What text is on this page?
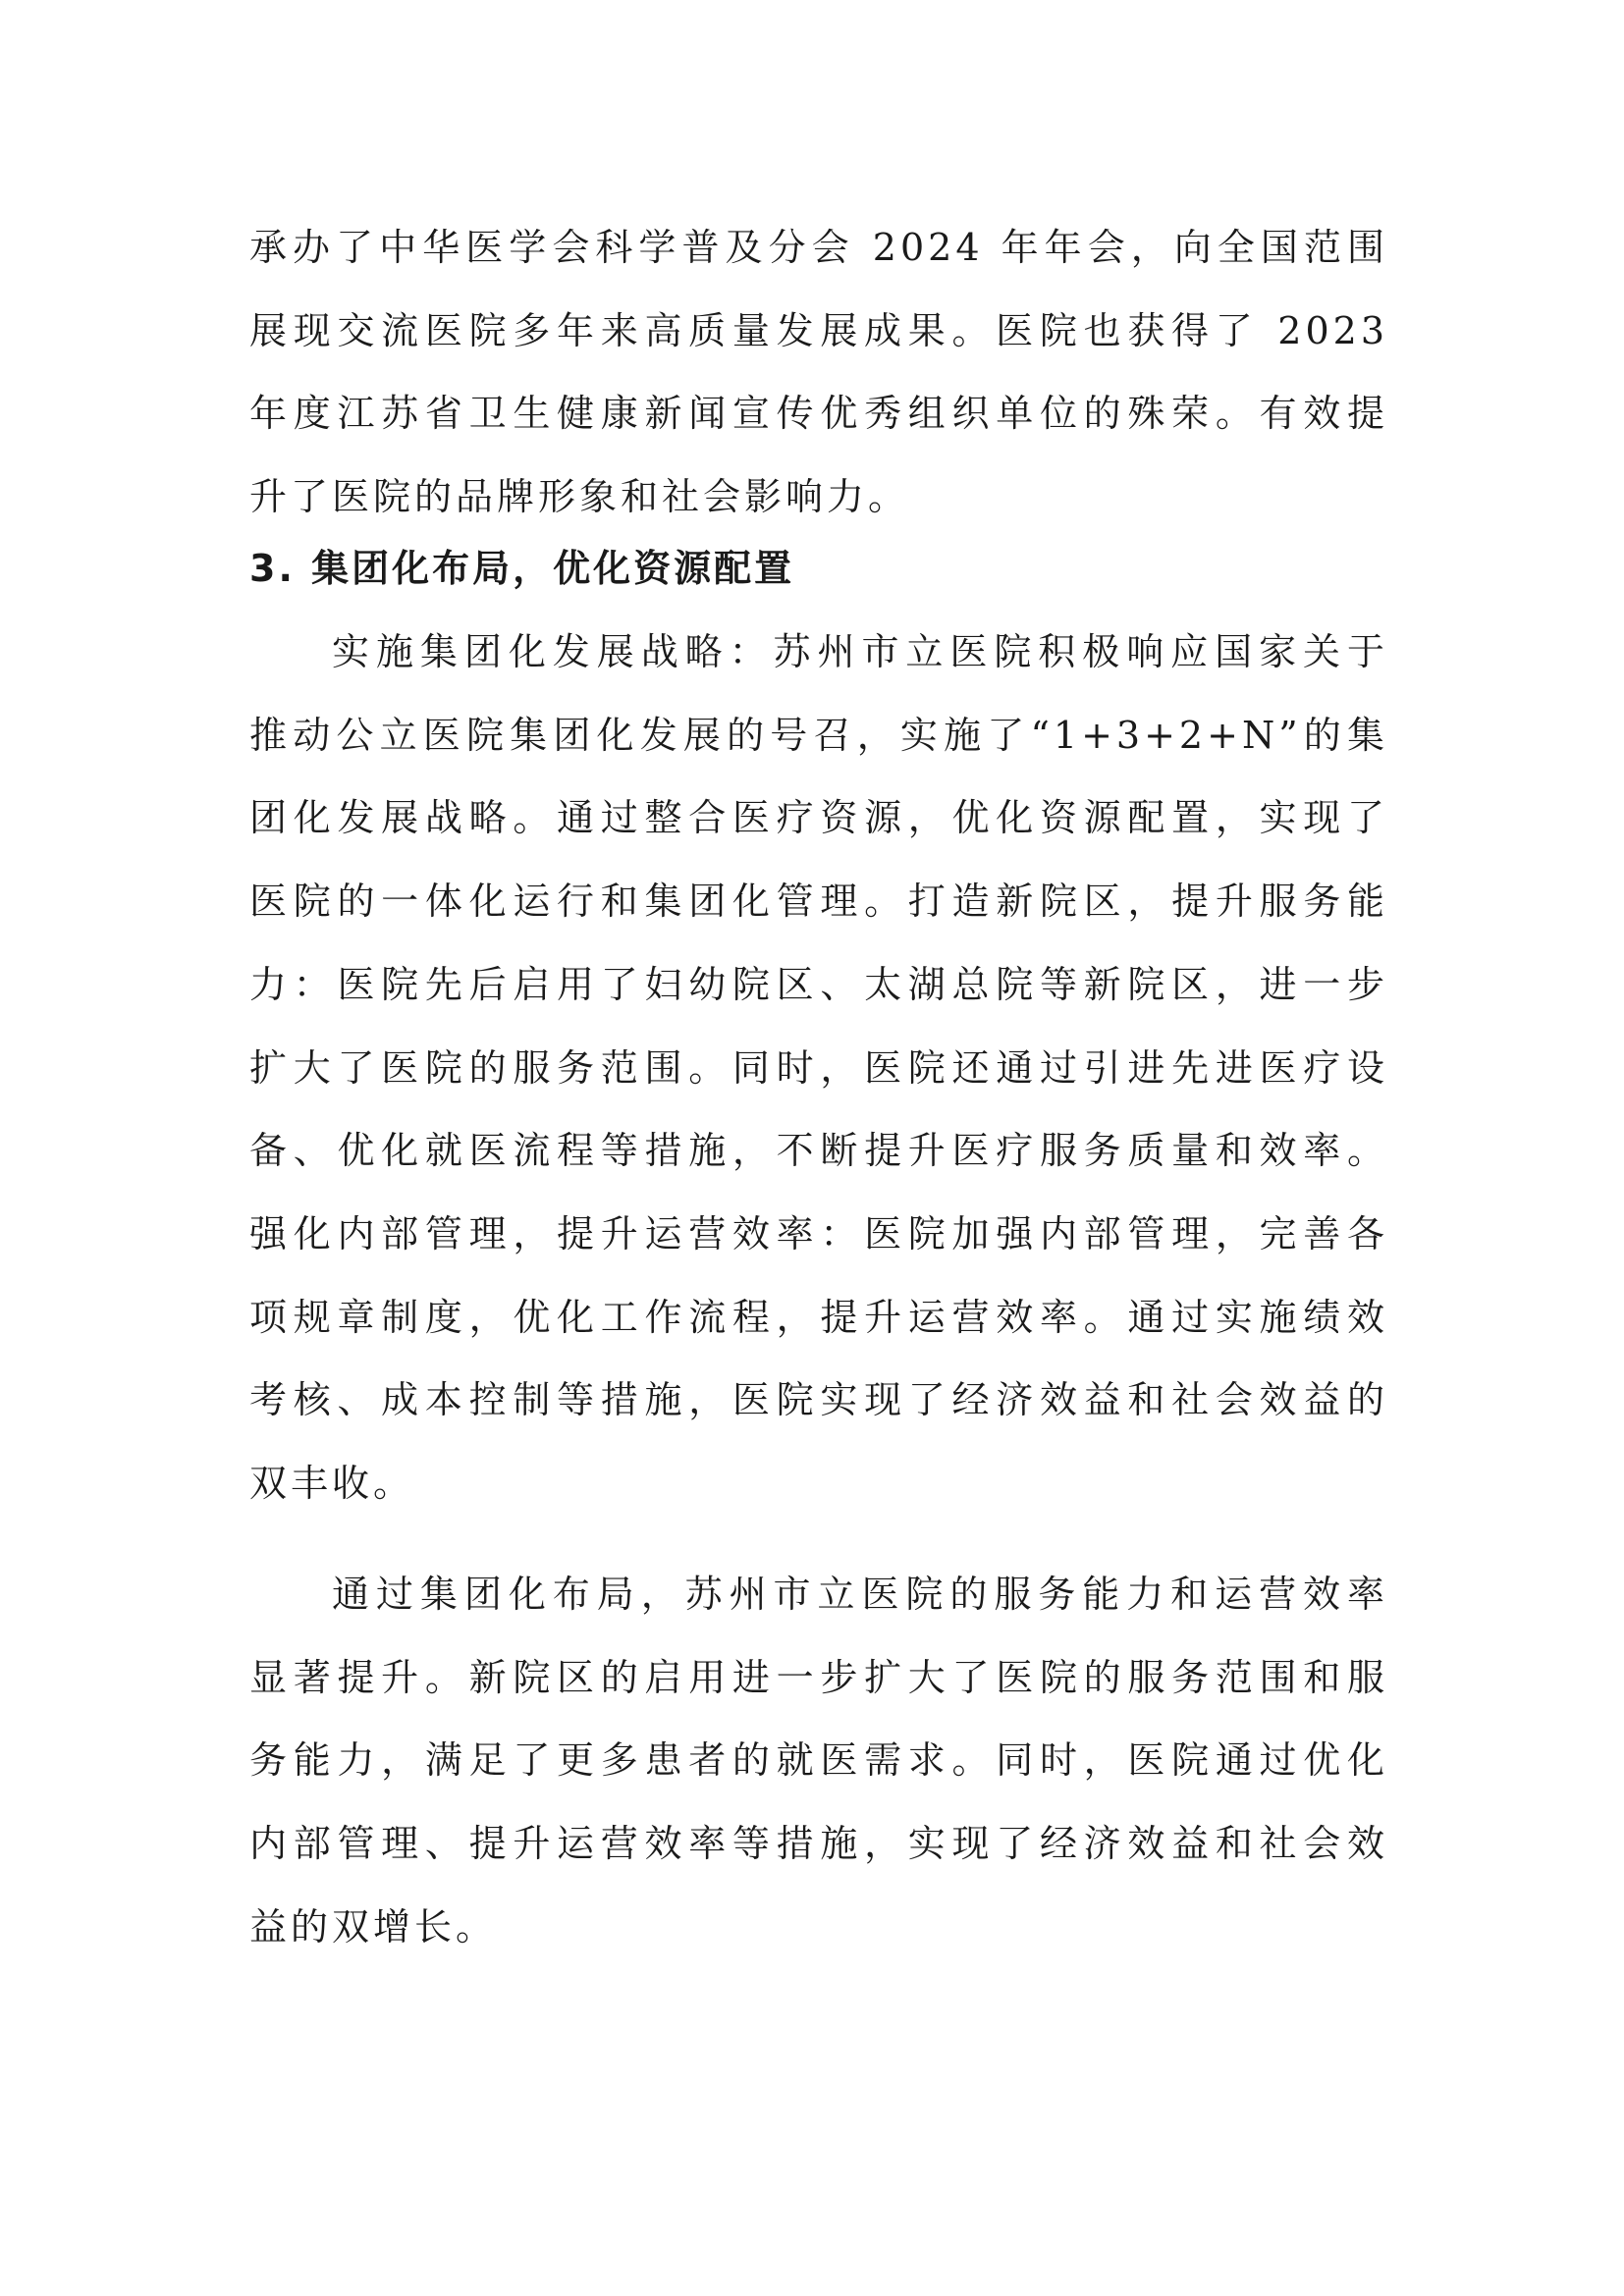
承办了中华医学会科学普及分会 2024 年年会，向全国范围
展现交流医院多年来高质量发展成果。医院也获得了 2023
年度江苏省卫生健康新闻宣传优秀组织单位的殊荣。有效提
升了医院的品牌形象和社会影响力。
3. 集团化布局，优化资源配置
实施集团化发展战略：苏州市立医院积极响应国家关于
推动公立医院集团化发展的号召，实施了“1+3+2+N”的集
团化发展战略。通过整合医疗资源，优化资源配置，实现了
医院的一体化运行和集团化管理。打造新院区，提升服务能
力：医院先后启用了妇幼院区、太湖总院等新院区，进一步
扩大了医院的服务范围。同时，医院还通过引进先进医疗设
备、优化就医流程等措施，不断提升医疗服务质量和效率。
强化内部管理，提升运营效率：医院加强内部管理，完善各
项规章制度，优化工作流程，提升运营效率。通过实施绩效
考核、成本控制等措施，医院实现了经济效益和社会效益的
双丰收。
通过集团化布局，苏州市立医院的服务能力和运营效率
显著提升。新院区的启用进一步扩大了医院的服务范围和服
务能力，满足了更多患者的就医需求。同时，医院通过优化
内部管理、提升运营效率等措施，实现了经济效益和社会效
益的双增长。
